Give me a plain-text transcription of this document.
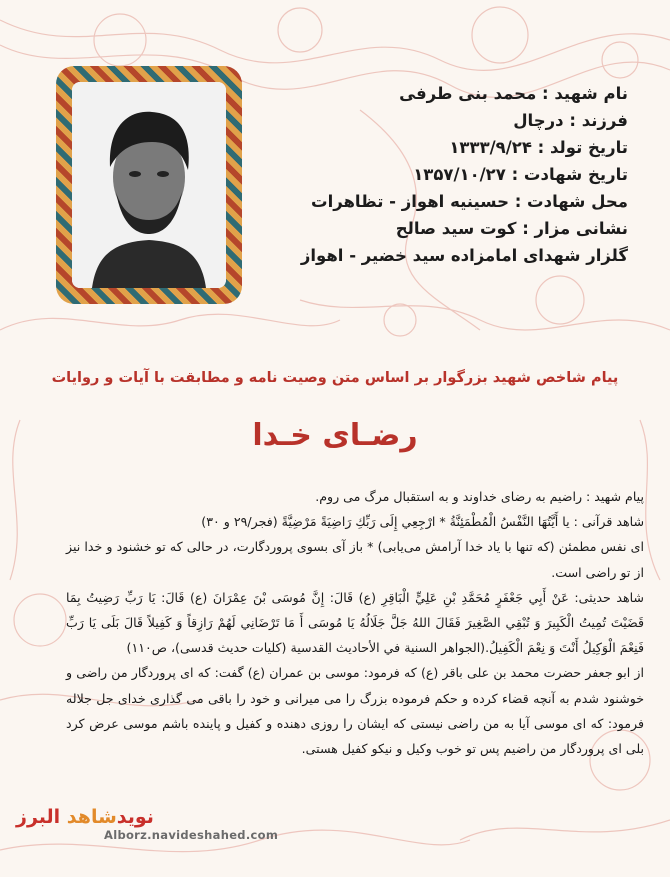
نام شهید : محمد بنی طرفی
فرزند : درچال
تاریخ تولد : ۱۳۳۳/۹/۲۴
تاریخ شهادت : ۱۳۵۷/۱۰/۲۷
محل شهادت : حسینیه اهواز - تظاهرات
نشانی مزار : کوت سید صالح
گلزار شهدای امامزاده سید خضیر - اهواز
پیام شاخص شهید بزرگوار بر اساس متن وصیت نامه و مطابقت با آیات و روایات
رضـای خـدا

پیام شهید : راضیم به رضای خداوند و به استقبال مرگ می روم.

شاهد قرآنی : يا أَيَّتُهَا النَّفْسُ الْمُطْمَئِنَّةُ * ارْجِعِي إِلَى رَبِّكِ رَاضِيَةً مَرْضِيَّةً (فجر/۲۹ و ۳۰)

ای نفس مطمئن (که تنها با یاد خدا آرامش می‌یابی) * باز آی بسوی پروردگارت، در حالی که تو خشنود و خدا نیز از تو راضی است.

شاهد حدیثی: عَنْ أَبِي جَعْفَرٍ مُحَمَّدِ بْنِ عَلِيٍّ الْبَاقِرِ (ع) قَالَ: إِنَّ مُوسَى بْنَ عِمْرَانَ (ع) قَالَ: يَا رَبِّ رَضِيتُ بِمَا قَضَيْتَ تُمِيتُ الْكَبِيرَ وَ تُبْقِي الصَّغِيرَ فَقَالَ اللهُ جَلَّ جَلَالُهُ يَا مُوسَى أَ مَا تَرْضَانِي لَهُمْ رَازِقاً وَ كَفِيلاً قَالَ بَلَى يَا رَبِّ فَنِعْمَ الْوَكِيلُ أَنْتَ وَ نِعْمَ الْكَفِيلُ.(الجواهر السنية في الأحاديث القدسية (کلیات حدیث قدسی)، ص۱۱۰)

از ابو جعفر حضرت محمد بن علی باقر (ع) که فرمود: موسی بن عمران (ع) گفت: که ای پروردگار من راضی و خوشنود شدم به آنچه قضاء کرده و حکم فرموده بزرگ را می میرانی و خود را باقی می گذاری خدای جل جلاله فرمود: که ای موسی آیا به من راضی نیستی که ایشان را روزی دهنده و کفیل و پاینده باشم موسی عرض کرد بلی ای پروردگار من راضیم پس تو خوب وکیل و نیکو کفیل هستی.

نویدشاهد البرز
Alborz.navideshahed.com
